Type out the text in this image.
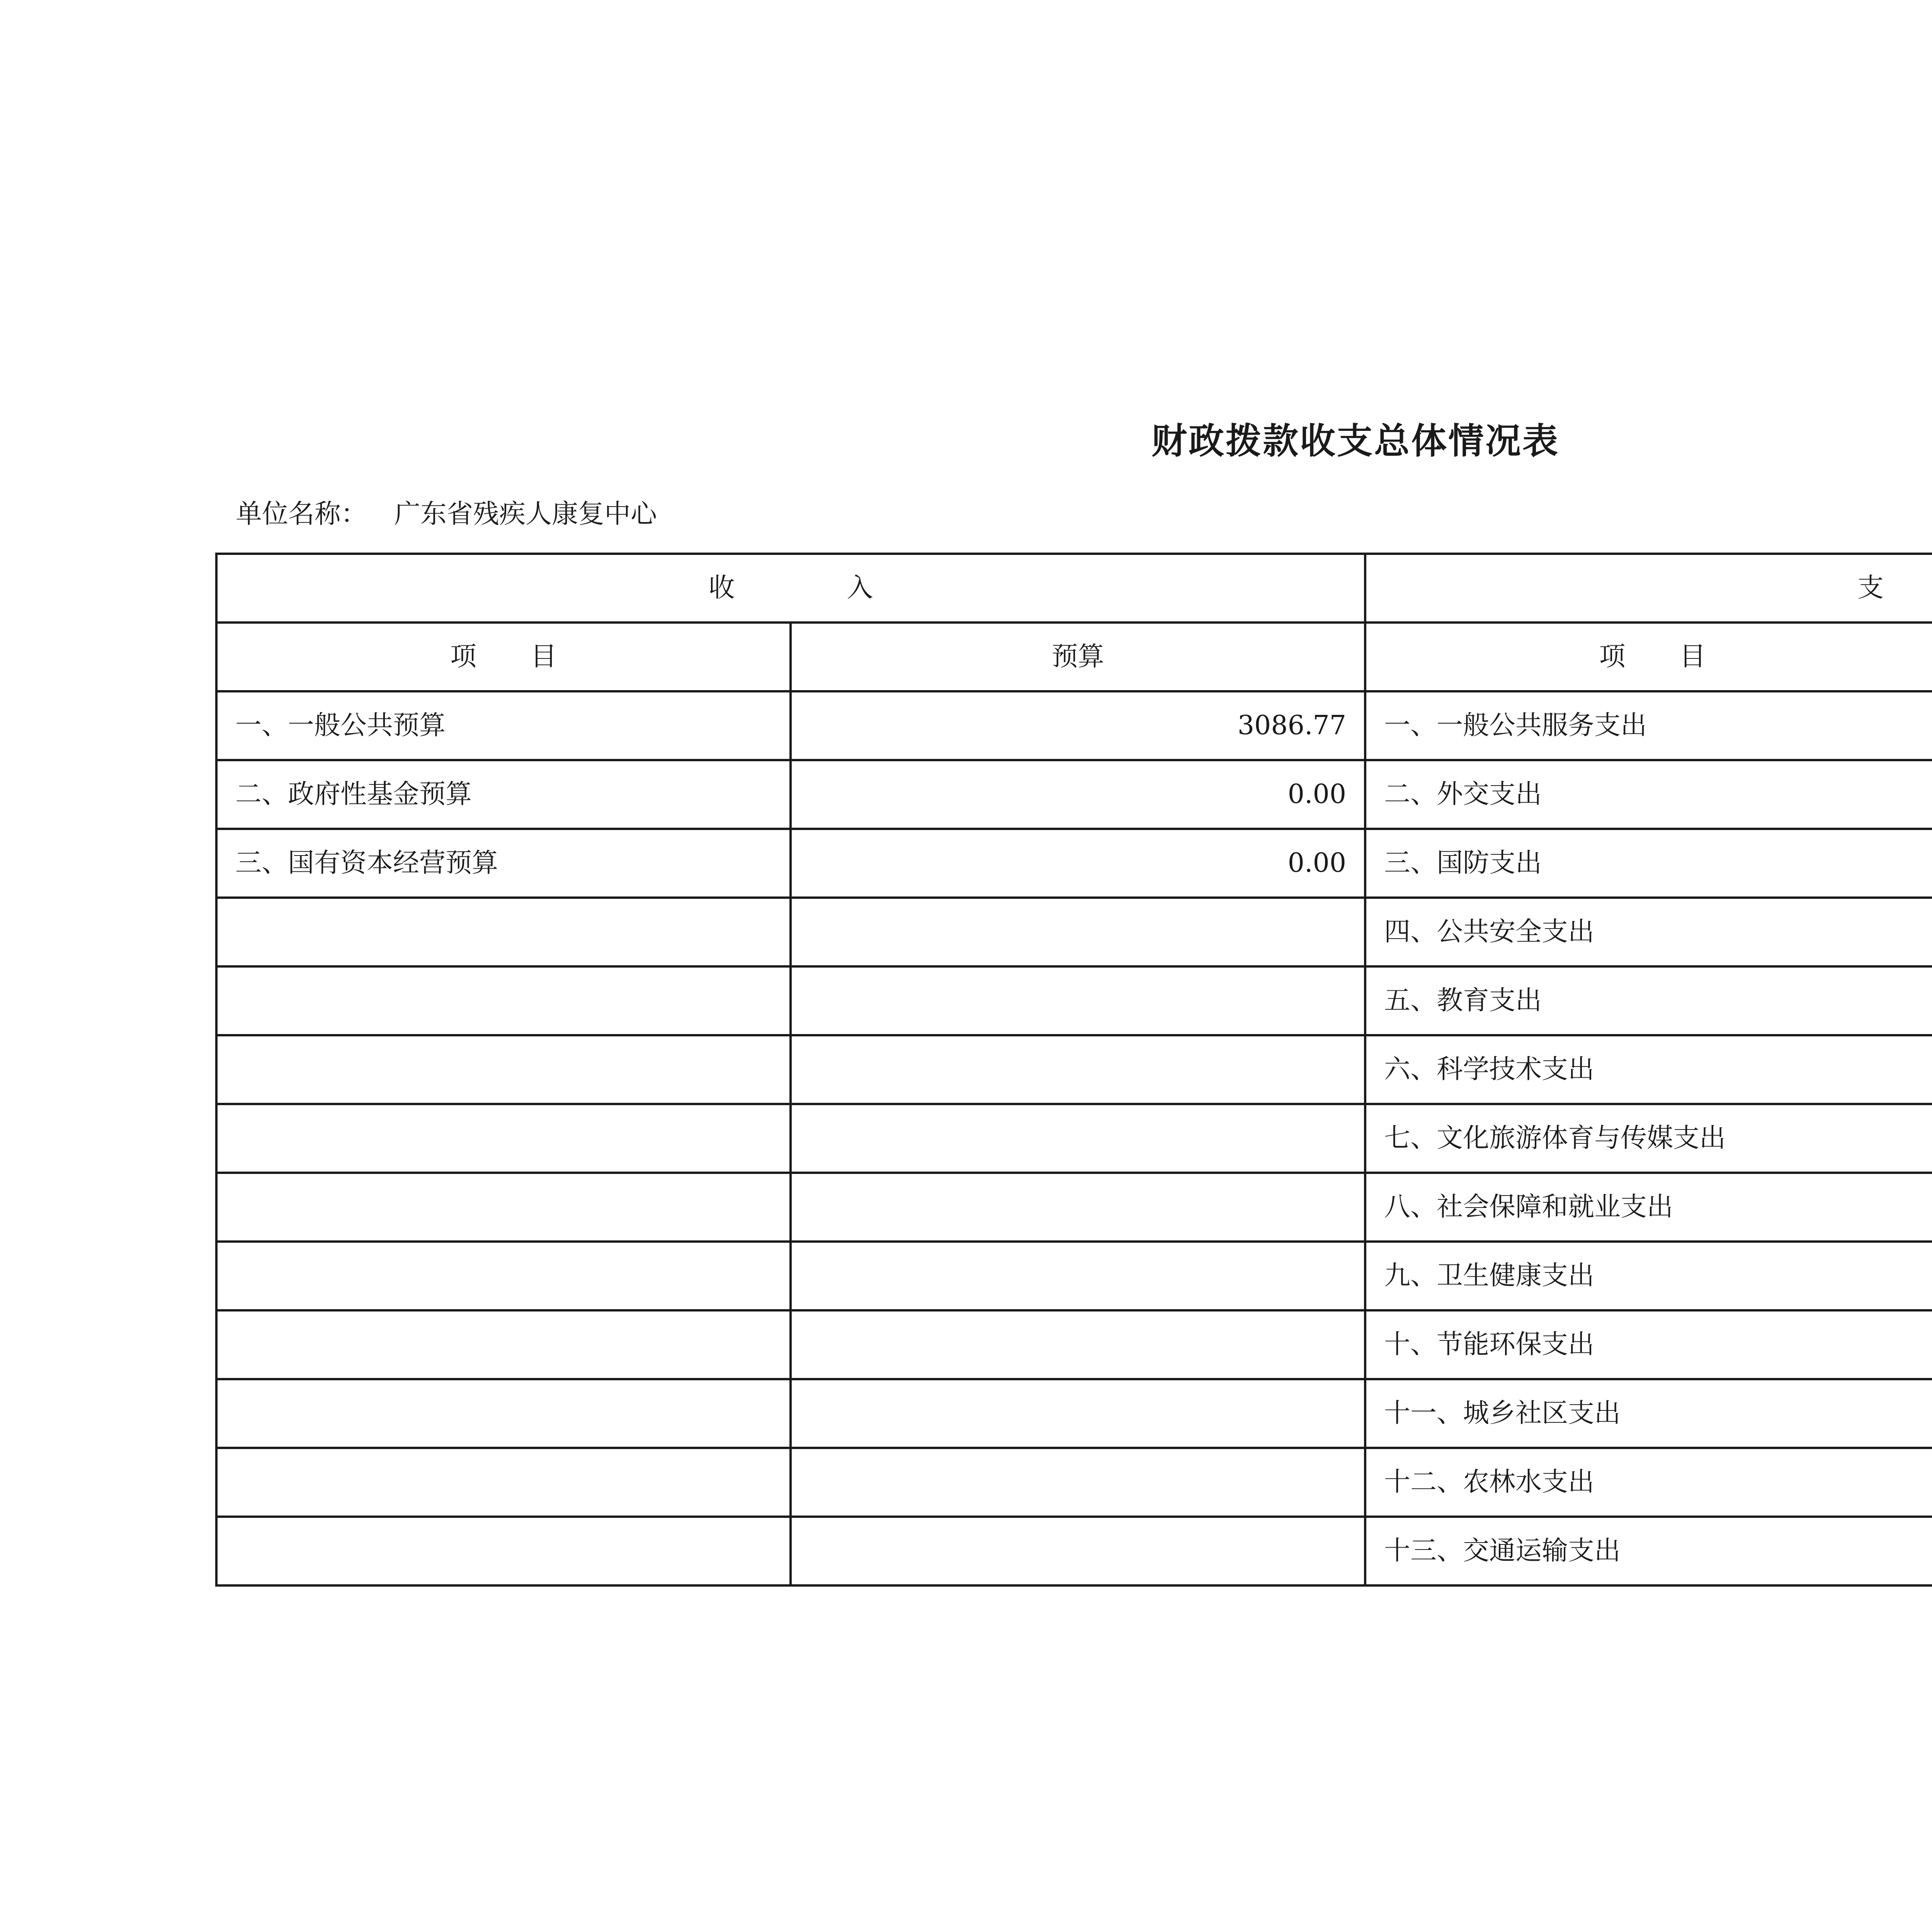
财政拨款收支总体情况表
单位名称： 广东省残疾人康复中心
收 入		支	
项 目	预算	项 目	
一、一般公共预算	3086.77	一、一般公共服务支出	
二、政府性基金预算	0.00	二、外交支出	
三、国有资本经营预算	0.00	三、国防支出	
		四、公共安全支出	
		五、教育支出	
		六、科学技术支出	
		七、文化旅游体育与传媒支出	
		八、社会保障和就业支出	
		九、卫生健康支出	
		十、节能环保支出	
		十一、城乡社区支出	
		十二、农林水支出	
		十三、交通运输支出	
